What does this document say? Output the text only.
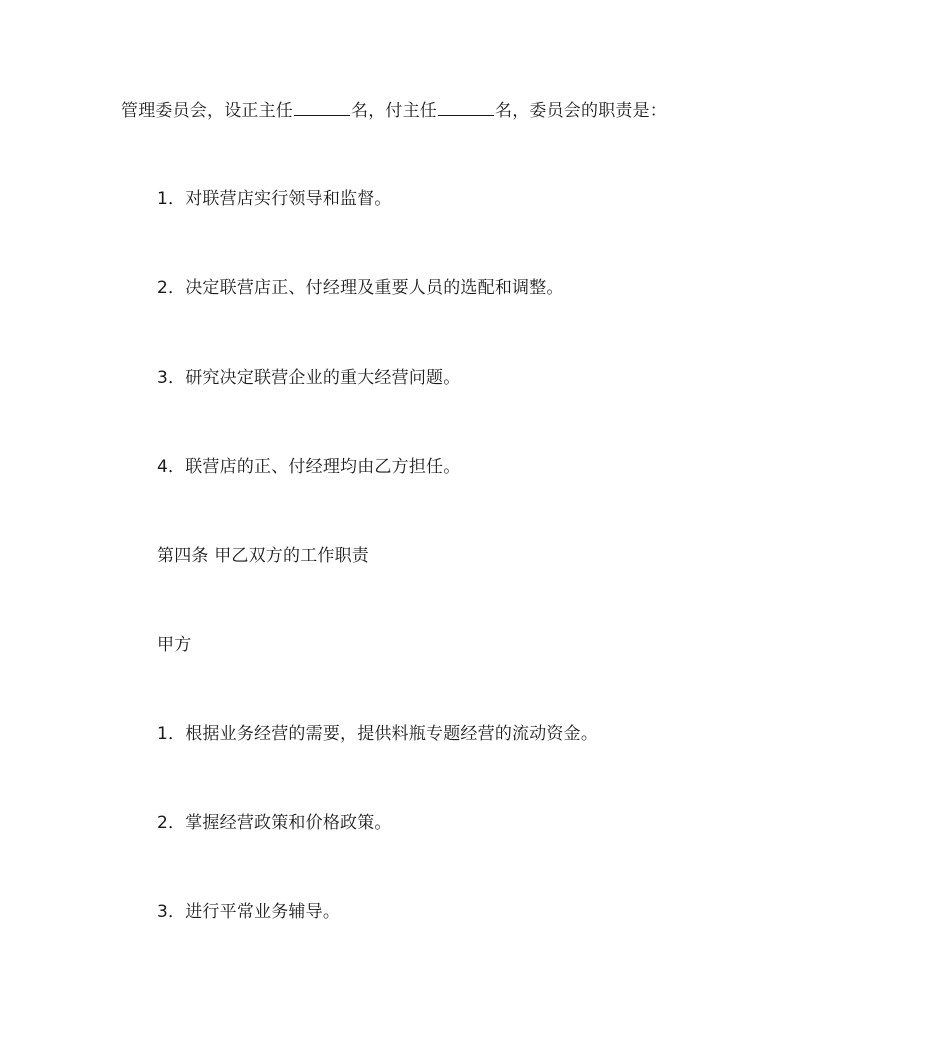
管理委员会，设正主任	名，付主任	名，委员会的职责是：
1．对联营店实行领导和监督。
2．决定联营店正、付经理及重要人员的选配和调整。
3．研究决定联营企业的重大经营问题。
4．联营店的正、付经理均由乙方担任。
第四条 甲乙双方的工作职责
甲方
1．根据业务经营的需要，提供料瓶专题经营的流动资金。
2．掌握经营政策和价格政策。
3．进行平常业务辅导。
